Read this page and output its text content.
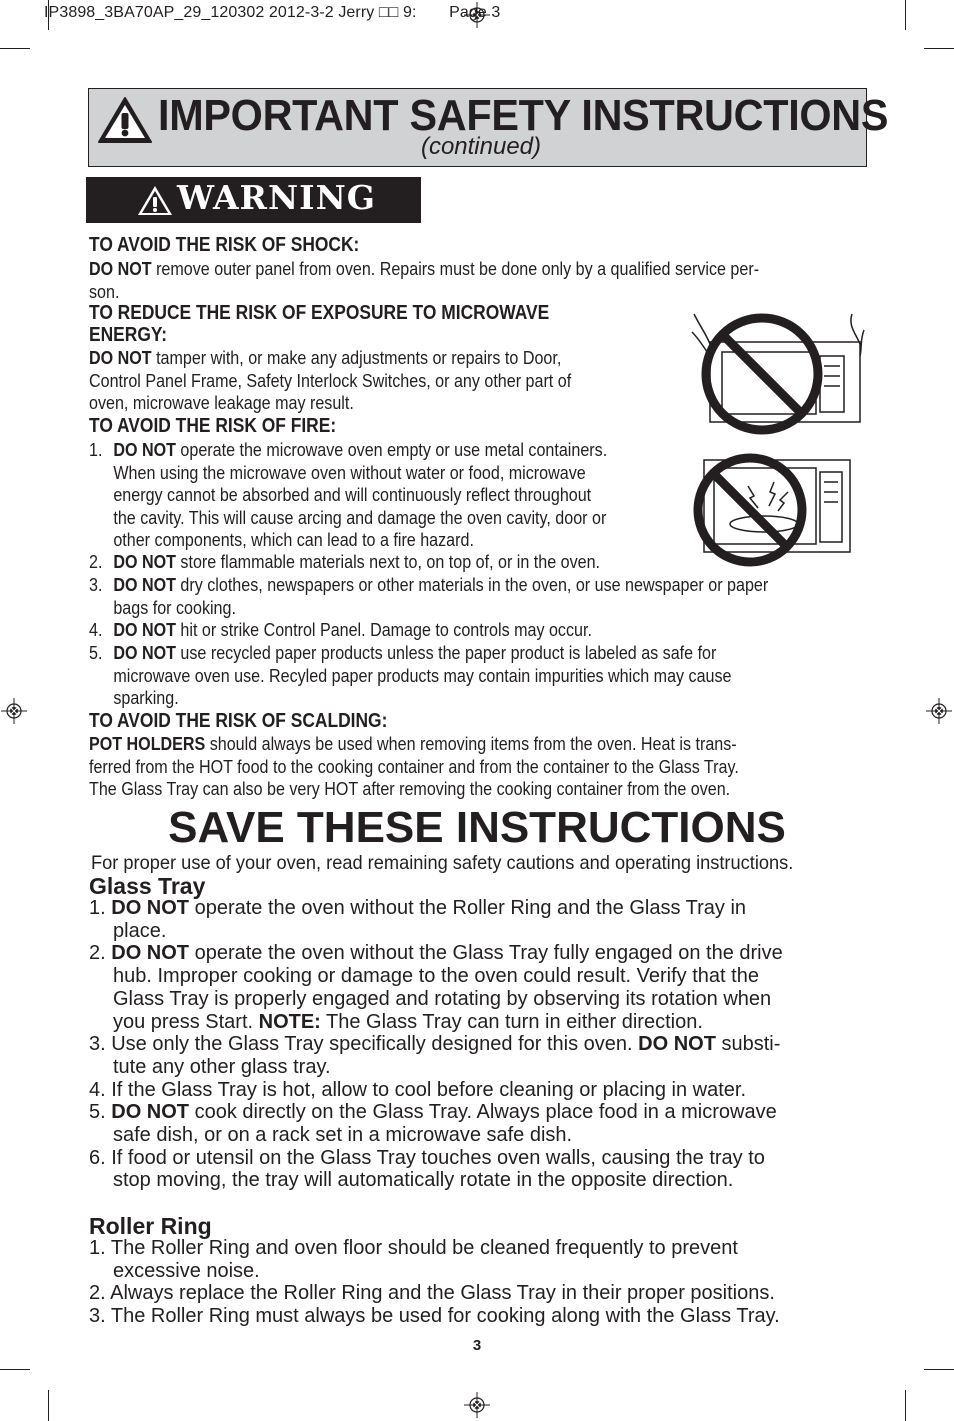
IP3898_3BA70AP_29_120302 2012-3-2 Jerry □□ 9: Page 3
IMPORTANT SAFETY INSTRUCTIONS
(continued)
WARNING
TO AVOID THE RISK OF SHOCK:
DO NOT remove outer panel from oven. Repairs must be done only by a qualified service per-
son.
TO REDUCE THE RISK OF EXPOSURE TO MICROWAVE
ENERGY:
DO NOT tamper with, or make any adjustments or repairs to Door,
Control Panel Frame, Safety Interlock Switches, or any other part of
oven, microwave leakage may result.
TO AVOID THE RISK OF FIRE:
1. DO NOT operate the microwave oven empty or use metal containers.
When using the microwave oven without water or food, microwave
energy cannot be absorbed and will continuously reflect throughout
the cavity. This will cause arcing and damage the oven cavity, door or
other components, which can lead to a fire hazard.
2. DO NOT store flammable materials next to, on top of, or in the oven.
3. DO NOT dry clothes, newspapers or other materials in the oven, or use newspaper or paper
bags for cooking.
4. DO NOT hit or strike Control Panel. Damage to controls may occur.
5. DO NOT use recycled paper products unless the paper product is labeled as safe for
microwave oven use. Recyled paper products may contain impurities which may cause
sparking.
TO AVOID THE RISK OF SCALDING:
POT HOLDERS should always be used when removing items from the oven. Heat is trans-
ferred from the HOT food to the cooking container and from the container to the Glass Tray.
The Glass Tray can also be very HOT after removing the cooking container from the oven.
SAVE THESE INSTRUCTIONS
For proper use of your oven, read remaining safety cautions and operating instructions.
Glass Tray
1. DO NOT operate the oven without the Roller Ring and the Glass Tray in
place.
2. DO NOT operate the oven without the Glass Tray fully engaged on the drive
hub. Improper cooking or damage to the oven could result. Verify that the
Glass Tray is properly engaged and rotating by observing its rotation when
you press Start. NOTE: The Glass Tray can turn in either direction.
3. Use only the Glass Tray specifically designed for this oven. DO NOT substi-
tute any other glass tray.
4. If the Glass Tray is hot, allow to cool before cleaning or placing in water.
5. DO NOT cook directly on the Glass Tray. Always place food in a microwave
safe dish, or on a rack set in a microwave safe dish.
6. If food or utensil on the Glass Tray touches oven walls, causing the tray to
stop moving, the tray will automatically rotate in the opposite direction.
Roller Ring
1. The Roller Ring and oven floor should be cleaned frequently to prevent
excessive noise.
2. Always replace the Roller Ring and the Glass Tray in their proper positions.
3. The Roller Ring must always be used for cooking along with the Glass Tray.
3
